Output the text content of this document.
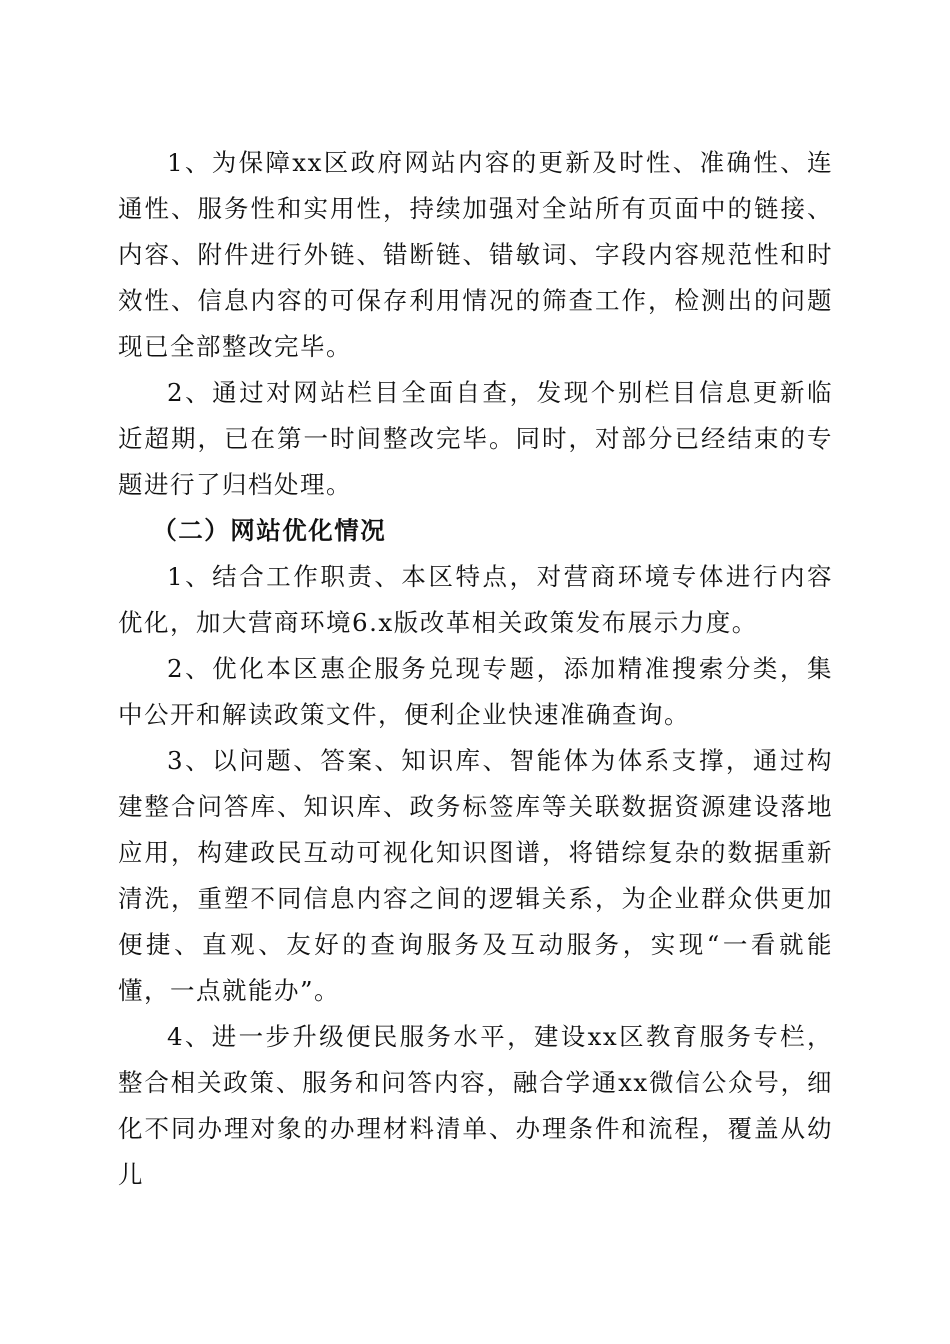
1、为保障xx区政府网站内容的更新及时性、准确性、连通性、服务性和实用性，持续加强对全站所有页面中的链接、内容、附件进行外链、错断链、错敏词、字段内容规范性和时效性、信息内容的可保存利用情况的筛查工作，检测出的问题现已全部整改完毕。

2、通过对网站栏目全面自查，发现个别栏目信息更新临近超期，已在第一时间整改完毕。同时，对部分已经结束的专题进行了归档处理。

（二）网站优化情况

1、结合工作职责、本区特点，对营商环境专体进行内容优化，加大营商环境6.x版改革相关政策发布展示力度。

2、优化本区惠企服务兑现专题，添加精准搜索分类，集中公开和解读政策文件，便利企业快速准确查询。

3、以问题、答案、知识库、智能体为体系支撑，通过构建整合问答库、知识库、政务标签库等关联数据资源建设落地应用，构建政民互动可视化知识图谱，将错综复杂的数据重新清洗，重塑不同信息内容之间的逻辑关系，为企业群众供更加便捷、直观、友好的查询服务及互动服务，实现“一看就能懂，一点就能办”。

4、进一步升级便民服务水平，建设xx区教育服务专栏，整合相关政策、服务和问答内容，融合学通xx微信公众号，细化不同办理对象的办理材料清单、办理条件和流程，覆盖从幼儿
